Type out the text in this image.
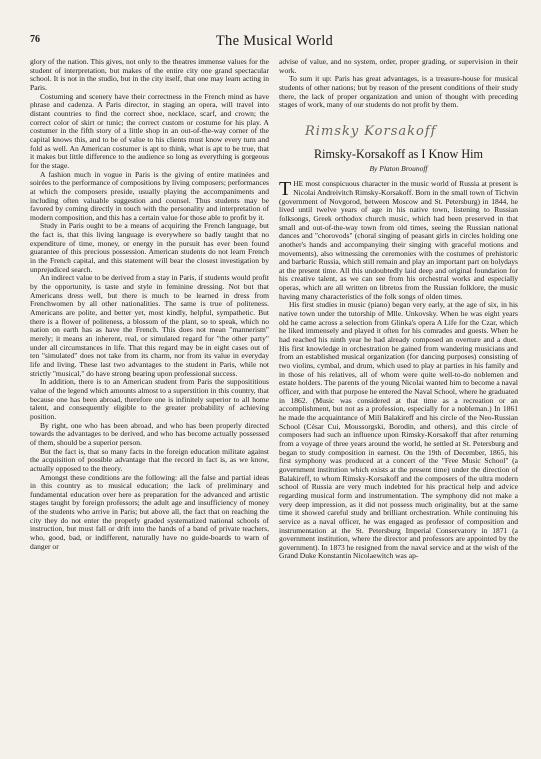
76	The Musical World

glory of the nation. This gives, not only to the theatres immense values for the student of interpretation, but makes of the entire city one grand spectacular school. It is not in the studio, but in the city itself, that one may learn acting in Paris.

Costuming and scenery have their correctness in the French mind as have phrase and cadenza. A Paris director, in staging an opera, will travel into distant countries to find the correct shoe, necklace, scarf, and crown; the correct color of skirt or tunic; the correct custom or costume for his play. A costumer in the fifth story of a little shop in an out-of-the-way corner of the capital knows this, and to be of value to his clients must know every turn and fold as well. An American costumer is apt to think, what is apt to be true, that it makes but little difference to the audience so long as everything is gorgeous for the stage.

A fashion much in vogue in Paris is the giving of entire matinées and soirées to the performance of compositions by living composers; performances at which the composers preside, usually playing the accompaniments and including often valuable suggestion and counsel. Thus students may be favored by coming directly in touch with the personality and interpretation of modern composition, and this has a certain value for those able to profit by it.

Study in Paris ought to be a means of acquiring the French language, but the fact is, that this living language is everywhere so badly taught that no expenditure of time, money, or energy in the pursuit has ever been found guarantee of this precious possession. American students do not learn French in the French capital, and this statement will bear the closest investigation by unprejudiced search.

An indirect value to be derived from a stay in Paris, if students would profit by the opportunity, is taste and style in feminine dressing. Not but that Americans dress well, but there is much to be learned in dress from Frenchwomen by all other nationalities. The same is true of politeness. Americans are polite, and better yet, most kindly, helpful, sympathetic. But there is a flower of politeness, a blossom of the plant, so to speak, which no nation on earth has as have the French. This does not mean "mannerism" merely; it means an inherent, real, or simulated regard for "the other party" under all circumstances in life. That this regard may be in eight cases out of ten "simulated" does not take from its charm, nor from its value in everyday life and living. These last two advantages to the student in Paris, while not strictly "musical," do have strong bearing upon professional success.

In addition, there is to an American student from Paris the supposititious value of the legend which amounts almost to a superstition in this country, that because one has been abroad, therefore one is infinitely superior to all home talent, and consequently eligible to the greater probability of achieving position.

By right, one who has been abroad, and who has been properly directed towards the advantages to be derived, and who has become actually possessed of them, should be a superior person.

But the fact is, that so many facts in the foreign education militate against the acquisition of possible advantage that the record in fact is, as we know, actually opposed to the theory.

Amongst these conditions are the following: all the false and partial ideas in this country as to musical education; the lack of preliminary and fundamental education over here as preparation for the advanced and artistic stages taught by foreign professors; the adult age and insufficiency of money of the students who arrive in Paris; but above all, the fact that on reaching the city they do not enter the properly graded systematized national schools of instruction, but must fall or drift into the hands of a band of private teachers, who, good, bad, or indifferent, naturally have no guide-boards to warn of danger or

advise of value, and no system, order, proper grading, or supervision in their work.

To sum it up: Paris has great advantages, is a treasure-house for musical students of other nations; but by reason of the present conditions of their study there, the lack of proper organization and union of thought with preceding stages of work, many of our students do not profit by them.

Rimsky Korsakoff
Rimsky-Korsakoff as I Know Him
By Platon Brounoff

THE most conspicuous character in the music world of Russia at present is Nicolai Andreivitch Rimsky-Korsakoff. Born in the small town of Tichvin (government of Novgorod, between Moscow and St. Petersburg) in 1844, he lived until twelve years of age in his native town, listening to Russian folksongs, Greek orthodox church music, which had been preserved in that small and out-of-the-way town from old times, seeing the Russian national dances and "chorovods" (choral singing of peasant girls in circles holding one another's hands and accompanying their singing with graceful motions and movements), also witnessing the ceremonies with the costumes of prehistoric and barbaric Russia, which still remain and play an important part on holydays at the present time. All this undoubtedly laid deep and original foundation for his creative talent, as we can see from his orchestral works and especially operas, which are all written on libretos from the Russian folklore, the music having many characteristics of the folk songs of olden times.

His first studies in music (piano) began very early, at the age of six, in his native town under the tutorship of Mlle. Unkovsky. When he was eight years old he came across a selection from Glinka's opera A Life for the Czar, which he liked immensely and played it often for his comrades and guests. When he had reached his ninth year he had already composed an overture and a duet. His first knowledge in orchestration he gained from wandering musicians and from an established musical organization (for dancing purposes) consisting of two violins, cymbal, and drum, which used to play at parties in his family and in those of his relatives, all of whom were quite well-to-do noblemen and estate holders. The parents of the young Nicolai wanted him to become a naval officer, and with that purpose he entered the Naval School, where he graduated in 1862. (Music was considered at that time as a recreation or an accomplishment, but not as a profession, especially for a nobleman.) In 1861 he made the acquaintance of Mili Balakireff and his circle of the Neo-Russian School (César Cui, Moussorgski, Borodin, and others), and this circle of composers had such an influence upon Rimsky-Korsakoff that after returning from a voyage of three years around the world, he settled at St. Petersburg and began to study composition in earnest. On the 19th of December, 1865, his first symphony was produced at a concert of the "Free Music School" (a government institution which exists at the present time) under the direction of Balakireff, to whom Rimsky-Korsakoff and the composers of the ultra modern school of Russia are very much indebted for his practical help and advice regarding musical form and instrumentation. The symphony did not make a very deep impression, as it did not possess much originality, but at the same time it showed careful study and brilliant orchestration. While continuing his service as a naval officer, he was engaged as professor of composition and instrumentation at the St. Petersburg Imperial Conservatory in 1871 (a government institution, where the director and professors are appointed by the government). In 1873 he resigned from the naval service and at the wish of the Grand Duke Konstantin Nicolaewitch was ap-
